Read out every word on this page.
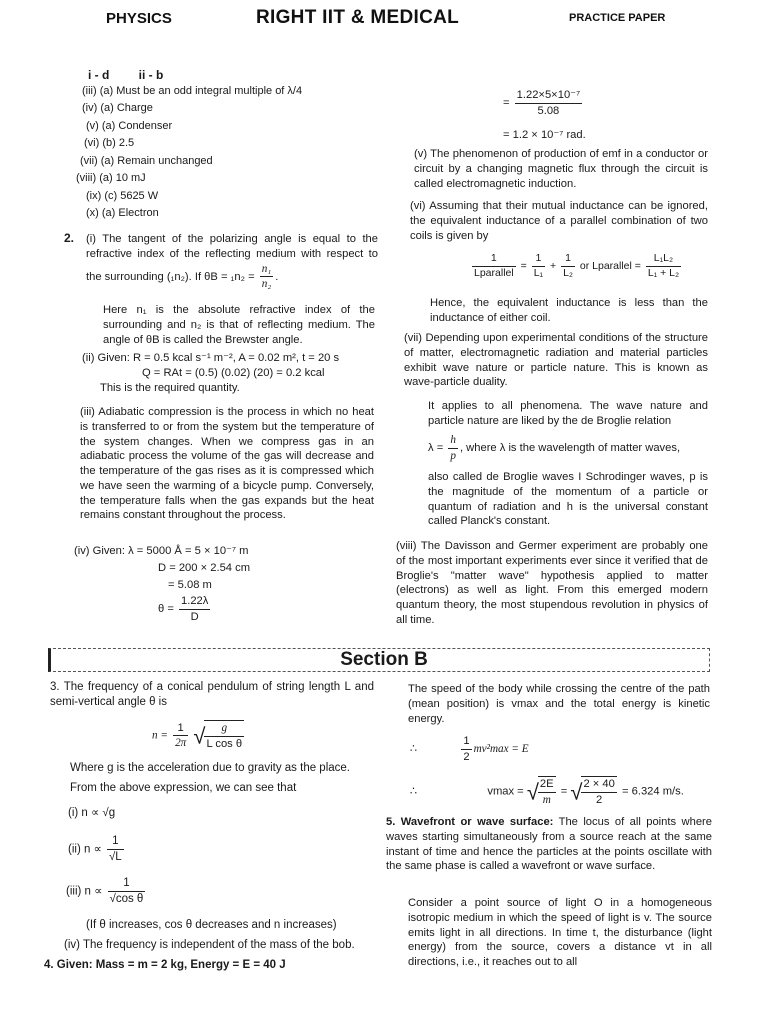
PHYSICS	RIGHT IIT & MEDICAL	PRACTICE PAPER
i - d ii - b
(iii) (a) Must be an odd integral multiple of λ/4
(iv) (a) Charge
(v) (a) Condenser
(vi) (b) 2.5
(vii) (a) Remain unchanged
(viii) (a) 10 mJ
(ix) (c) 5625 W
(x) (a) Electron
2. (i) The tangent of the polarizing angle is equal to the refractive index of the reflecting medium with respect to the surrounding (₁n₂). If $\theta B = _1n_2 = \frac{\text{n₁}}{\text{n₂}}$ .
Here n₁ is the absolute refractive index of the surrounding and n₂ is that of reflecting medium. The angle of θB is called the Brewster angle.
(ii) Given: R = 0.5 kcal s⁻¹ m⁻², A = 0.02 m², t = 20 s
Q = RAt = (0.5) (0.02) (20) = 0.2 kcal
This is the required quantity.
(iii) Adiabatic compression is the process in which no heat is transferred to or from the system but the temperature of the system changes. When we compress gas in an adiabatic process the volume of the gas will decrease and the temperature of the gas rises as it is compressed which we have seen the warming of a bicycle pump. Conversely, the temperature falls when the gas expands but the heat remains constant throughout the process.
(iv) Given: λ = 5000 Å = 5 × 10⁻⁷ m
D = 200 × 2.54 cm
= 5.08 m
$\theta = \frac{1.22\lambda}{D}$
= $\frac{\text{1.22×5×10⁻⁷}}{5.08}$
= 1.2 × 10⁻⁷ rad.
(v) The phenomenon of production of emf in a conductor or circuit by a changing magnetic flux through the circuit is called electromagnetic induction.
(vi) Assuming that their mutual inductance can be ignored, the equivalent inductance of a parallel combination of two coils is given by
$\frac{1}{\text{Lparallel}} = \frac{1}{\text{L₁}} + \frac{1}{\text{L₂}}$ or Lparallel = $\frac{\text{L₁L₂}}{\text{L₁ + L₂}}$
Hence, the equivalent inductance is less than the inductance of either coil.
(vii) Depending upon experimental conditions of the structure of matter, electromagnetic radiation and material particles exhibit wave nature or particle nature. This is known as wave-particle duality.
It applies to all phenomena. The wave nature and particle nature are liked by the de Broglie relation
$\lambda = \frac{h}{p}$ , where λ is the wavelength of matter waves,
also called de Broglie waves I Schrodinger waves, p is the magnitude of the momentum of a particle or quantum of radiation and h is the universal constant called Planck's constant.
(viii) The Davisson and Germer experiment are probably one of the most important experiments ever since it verified that de Broglie's "matter wave" hypothesis applied to matter (electrons) as well as light. From this emerged modern quantum theory, the most stupendous revolution in physics of all time.
Section B
3. The frequency of a conical pendulum of string length L and semi-vertical angle θ is
$n = \frac{1}{2\pi}$ √ $\frac{g}{\text{L cos θ}}$
Where g is the acceleration due to gravity as the place.
From the above expression, we can see that
(i) n ∝ √g
(ii) $n \propto \frac{1}{√L}$
(iii) $n \propto \frac{1}{\text{√cos θ}}$
(If θ increases, cos θ decreases and n increases)
(iv) The frequency is independent of the mass of the bob.
4. Given: Mass = m = 2 kg, Energy = E = 40 J
The speed of the body while crossing the centre of the path (mean position) is vmax and the total energy is kinetic energy.
∴	$\frac{1}{2} mv^2\max = E$
∴	vmax = √ $\frac{2E}{m}$ = √ $\frac{2 \times 40}{2} = 6.324$ m/s.
5. Wavefront or wave surface: The locus of all points where waves starting simultaneously from a source reach at the same instant of time and hence the particles at the points oscillate with the same phase is called a wavefront or wave surface.
Consider a point source of light O in a homogeneous isotropic medium in which the speed of light is v. The source emits light in all directions. In time t, the disturbance (light energy) from the source, covers a distance vt in all directions, i.e., it reaches out to all
